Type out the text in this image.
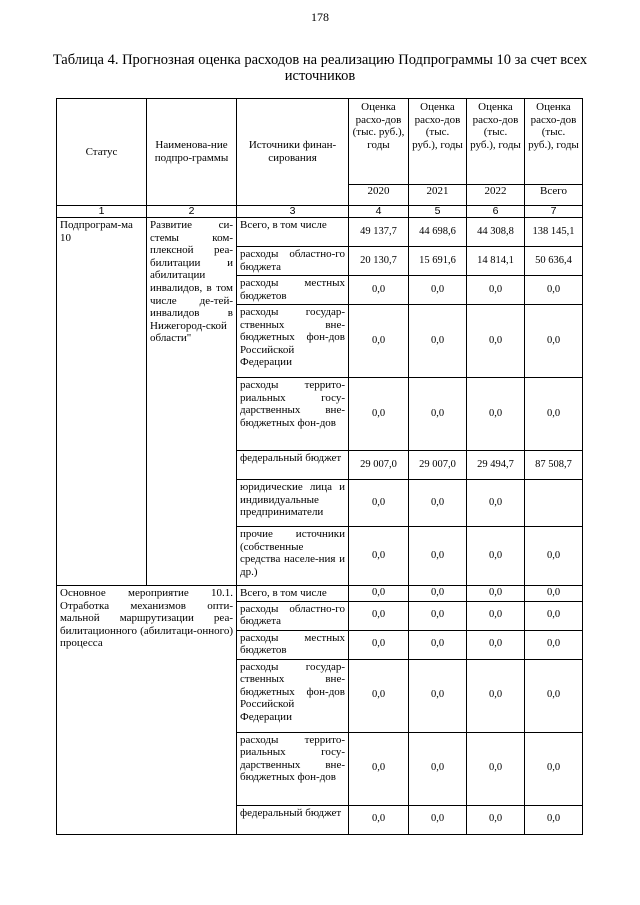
178
Таблица 4. Прогнозная оценка расходов на реализацию Подпрограммы 10 за счет всех источников
Статус	Наименова-ние подпро-граммы	Источники финан-сирования	Оценка расхо-дов (тыс. руб.), годы	Оценка расхо-дов (тыс. руб.), годы	Оценка расхо-дов (тыс. руб.), годы	Оценка расхо-дов (тыс. руб.), годы
			2020	2021	2022	Всего
1	2	3	4	5	6	7
Подпрограм-ма 10	Развитие си-стемы ком-плексной реа-билитации и абилитации инвалидов, в том числе де-тей-инвалидов в Нижегород-ской области"	Всего, в том числе	49 137,7	44 698,6	44 308,8	138 145,1
		расходы областно-го бюджета	20 130,7	15 691,6	14 814,1	50 636,4
		расходы местных бюджетов	0,0	0,0	0,0	0,0
		расходы государ-ственных вне-бюджетных фон-дов Российской Федерации	0,0	0,0	0,0	0,0
		расходы террито-риальных госу-дарственных вне-бюджетных фон-дов	0,0	0,0	0,0	0,0
		федеральный бюджет	29 007,0	29 007,0	29 494,7	87 508,7
		юридические лица и индивидуальные предприниматели	0,0	0,0	0,0	
		прочие источники (собственные средства населе-ния и др.)	0,0	0,0	0,0	0,0
Основное мероприятие 10.1. Отработка механизмов опти-мальной маршрутизации реа-билитационного (абилитаци-онного) процесса		Всего, в том числе	0,0	0,0	0,0	0,0
		расходы областно-го бюджета	0,0	0,0	0,0	0,0
		расходы местных бюджетов	0,0	0,0	0,0	0,0
		расходы государ-ственных вне-бюджетных фон-дов Российской Федерации	0,0	0,0	0,0	0,0
		расходы террито-риальных госу-дарственных вне-бюджетных фон-дов	0,0	0,0	0,0	0,0
		федеральный бюджет	0,0	0,0	0,0	0,0
